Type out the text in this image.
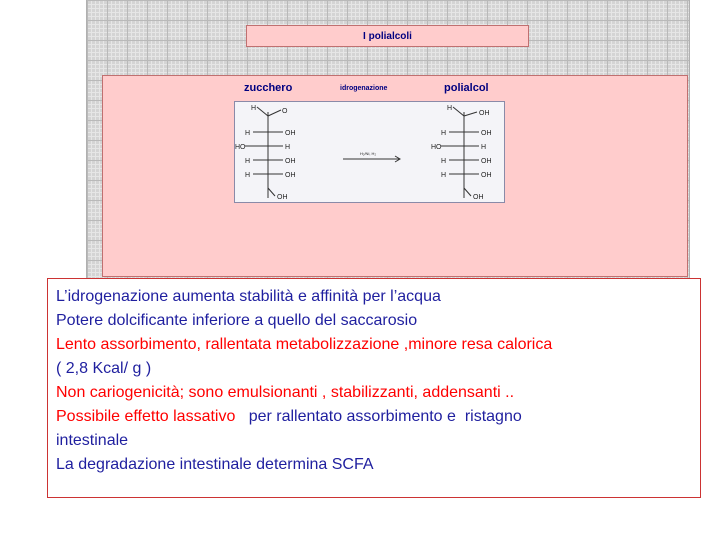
I polialcoli
zucchero	idrogenazione	polialcol
H	O
H	OH
HO	H
H	OH
H	OH
OH
H
OH
H	OH
HO	H
H	OH
H	OH
OH
H₂/Ni, H₂
L’idrogenazione aumenta stabilità e affinità per l’acqua
Potere dolcificante inferiore a quello del saccarosio
Lento assorbimento, rallentata metabolizzazione ,minore resa calorica
( 2,8 Kcal/ g )
Non cariogenicità; sono emulsionanti , stabilizzanti, addensanti ..
Possibile effetto lassativo   per rallentato assorbimento e  ristagno
intestinale
La degradazione intestinale determina SCFA
